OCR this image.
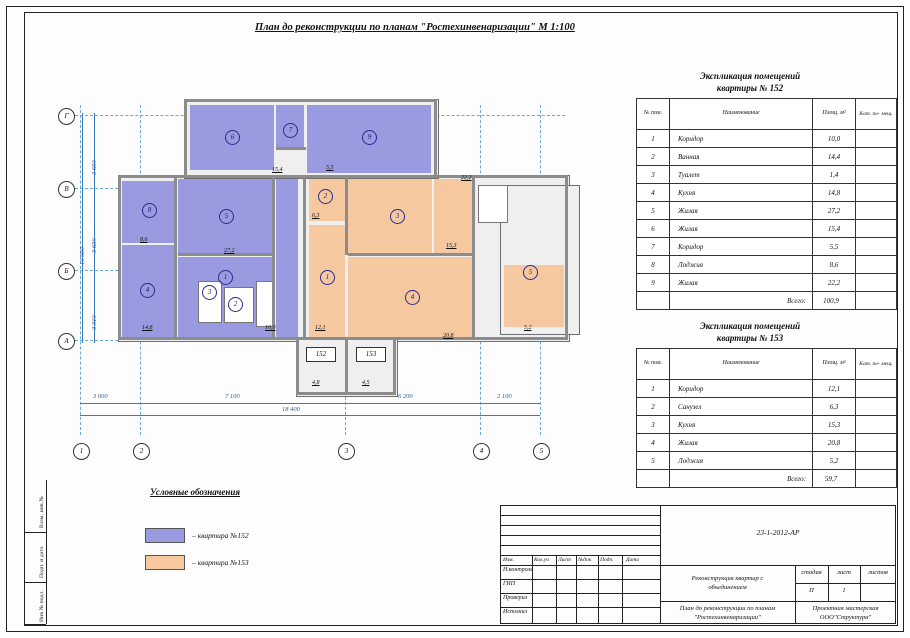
Взам. инв.№
Подп. и дата
Инв.№ подл.
План до реконструкции по планам "Ростехинвенаризации" М 1:100
Г
В
Б
А
1	2	3	4	5
3 650
3 630
3 310
10 590
3 000	7 100	6 200	2 100
18 400
6
7
9
8
5
1
2
3
4
2
3
1
4
5
15,4	5,5
22,2
8,6
27,2
10,0
14,8
6,3
15,3
12,1
20,8
5,2
152	153
4,8	4,5
Условные обозначения
– квартира №152
– квартира №153
Экспликация помещений
квартиры № 152
№ пом.	Наименование	Площ. м²	Кат. по- мещ.
1	Коридор	10,0	
2	Ванная	14,4	
3	Туалет	1,4	
4	Кухня	14,8	
5	Жилая	27,2	
6	Жилая	15,4	
7	Коридор	5,5	
8	Лоджия	8,6	
9	Жилая	22,2	
	Всего:	100,9	
Экспликация помещений
квартиры № 153
№ пом.	Наименование	Площ. м²	Кат. по- мещ.
1	Коридор	12,1	
2	Санузел	6,3	
3	Кухня	15,3	
4	Жилая	20,8	
5	Лоджия	5,2	
	Всего:	59,7	
23-1-2012-АР
Изм.	Кол.уч Лист №док Подп. Дата
Н.контроль
ГИП
Проверил
Исполнил
Реконструкция квартир с
объединением
План до реконструкции по планам
"Ростехинвенаризации"
стадия	лист	листов
П	1
Проектная мастерская
ООО"Структура"
